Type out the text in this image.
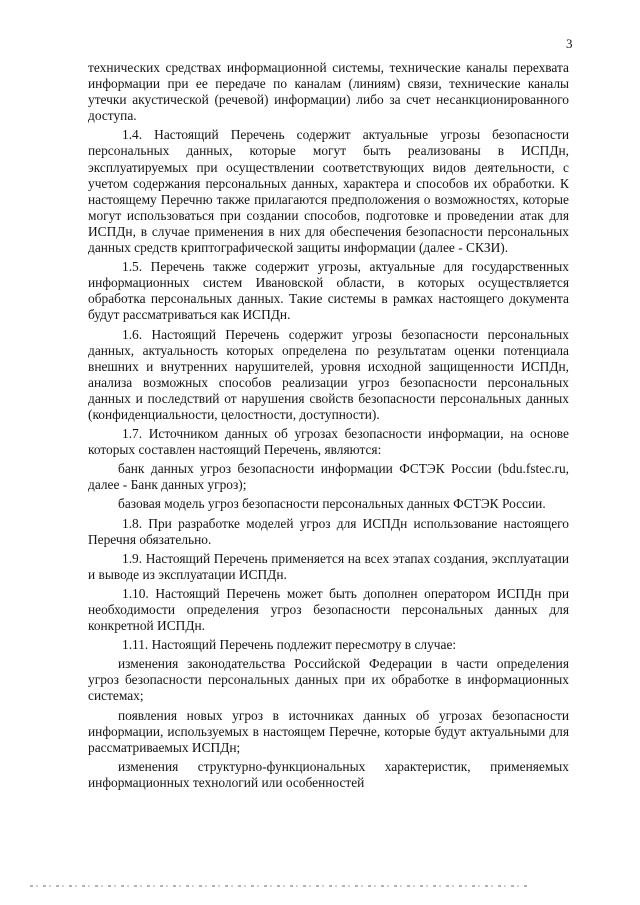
3

технических средствах информационной системы, технические каналы перехвата информации при ее передаче по каналам (линиям) связи, технические каналы утечки акустической (речевой) информации) либо за счет несанкционированного доступа.

1.4. Настоящий Перечень содержит актуальные угрозы безопасности персональных данных, которые могут быть реализованы в ИСПДн, эксплуатируемых при осуществлении соответствующих видов деятельности, с учетом содержания персональных данных, характера и способов их обработки. К настоящему Перечню также прилагаются предположения о возможностях, которые могут использоваться при создании способов, подготовке и проведении атак для ИСПДн, в случае применения в них для обеспечения безопасности персональных данных средств криптографической защиты информации (далее - СКЗИ).

1.5. Перечень также содержит угрозы, актуальные для государственных информационных систем Ивановской области, в которых осуществляется обработка персональных данных. Такие системы в рамках настоящего документа будут рассматриваться как ИСПДн.

1.6. Настоящий Перечень содержит угрозы безопасности персональных данных, актуальность которых определена по результатам оценки потенциала внешних и внутренних нарушителей, уровня исходной защищенности ИСПДн, анализа возможных способов реализации угроз безопасности персональных данных и последствий от нарушения свойств безопасности персональных данных (конфиденциальности, целостности, доступности).

1.7. Источником данных об угрозах безопасности информации, на основе которых составлен настоящий Перечень, являются:

банк данных угроз безопасности информации ФСТЭК России (bdu.fstec.ru, далее - Банк данных угроз);

базовая модель угроз безопасности персональных данных ФСТЭК России.

1.8. При разработке моделей угроз для ИСПДн использование настоящего Перечня обязательно.

1.9. Настоящий Перечень применяется на всех этапах создания, эксплуатации и выводе из эксплуатации ИСПДн.

1.10. Настоящий Перечень может быть дополнен оператором ИСПДн при необходимости определения угроз безопасности персональных данных для конкретной ИСПДн.

1.11. Настоящий Перечень подлежит пересмотру в случае:

изменения законодательства Российской Федерации в части определения угроз безопасности персональных данных при их обработке в информационных системах;

появления новых угроз в источниках данных об угрозах безопасности информации, используемых в настоящем Перечне, которые будут актуальными для рассматриваемых ИСПДн;

изменения структурно-функциональных характеристик, применяемых информационных технологий или особенностей
